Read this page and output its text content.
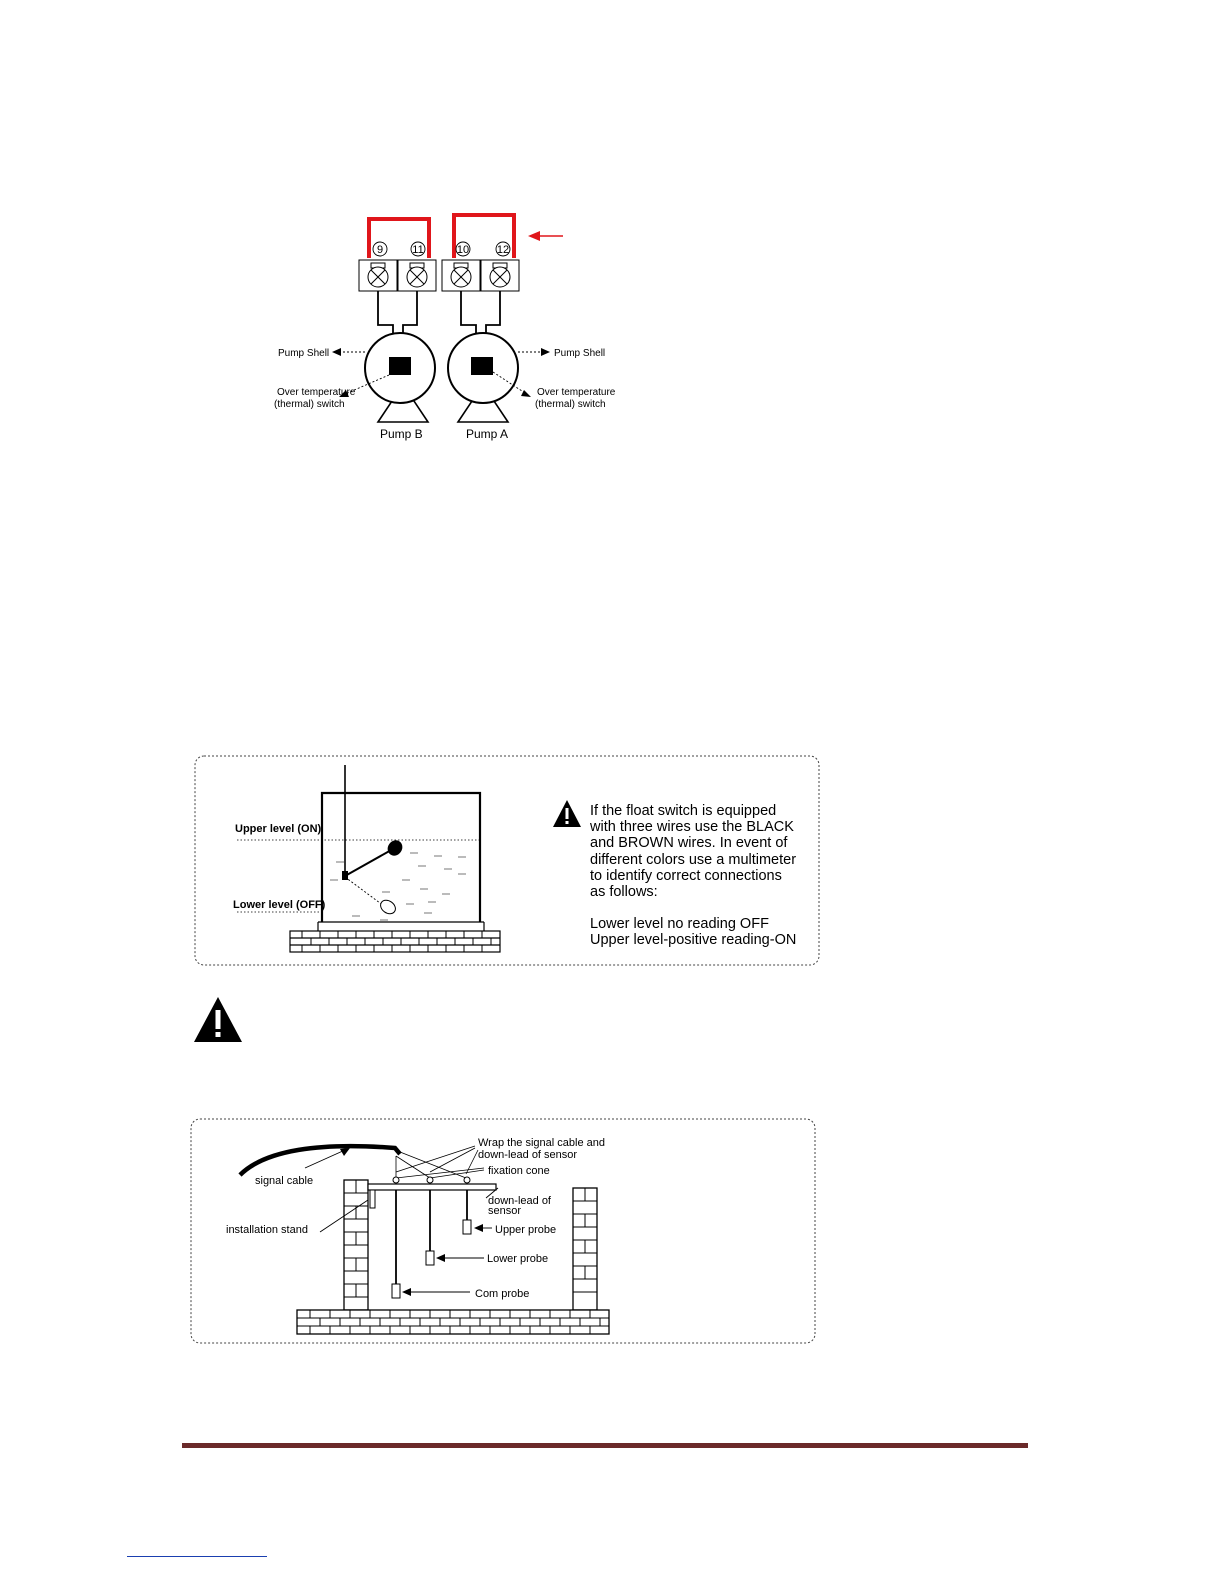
9	11	10	12
Pump Shell
Over temperature
(thermal) switch
Pump Shell
Over temperature
(thermal) switch
Pump B	Pump A
Upper level (ON)
Lower level (OFF)

If the float switch is equipped

with three wires use the BLACK

and BROWN wires. In event of

different colors use a multimeter

to identify correct connections

as follows:

Lower level no reading OFF

Upper level-positive reading-ON

signal cable
Wrap the signal cable and
down-lead of sensor
fixation cone
down-lead of
sensor
installation stand	Upper probe
Lower probe
Com probe
